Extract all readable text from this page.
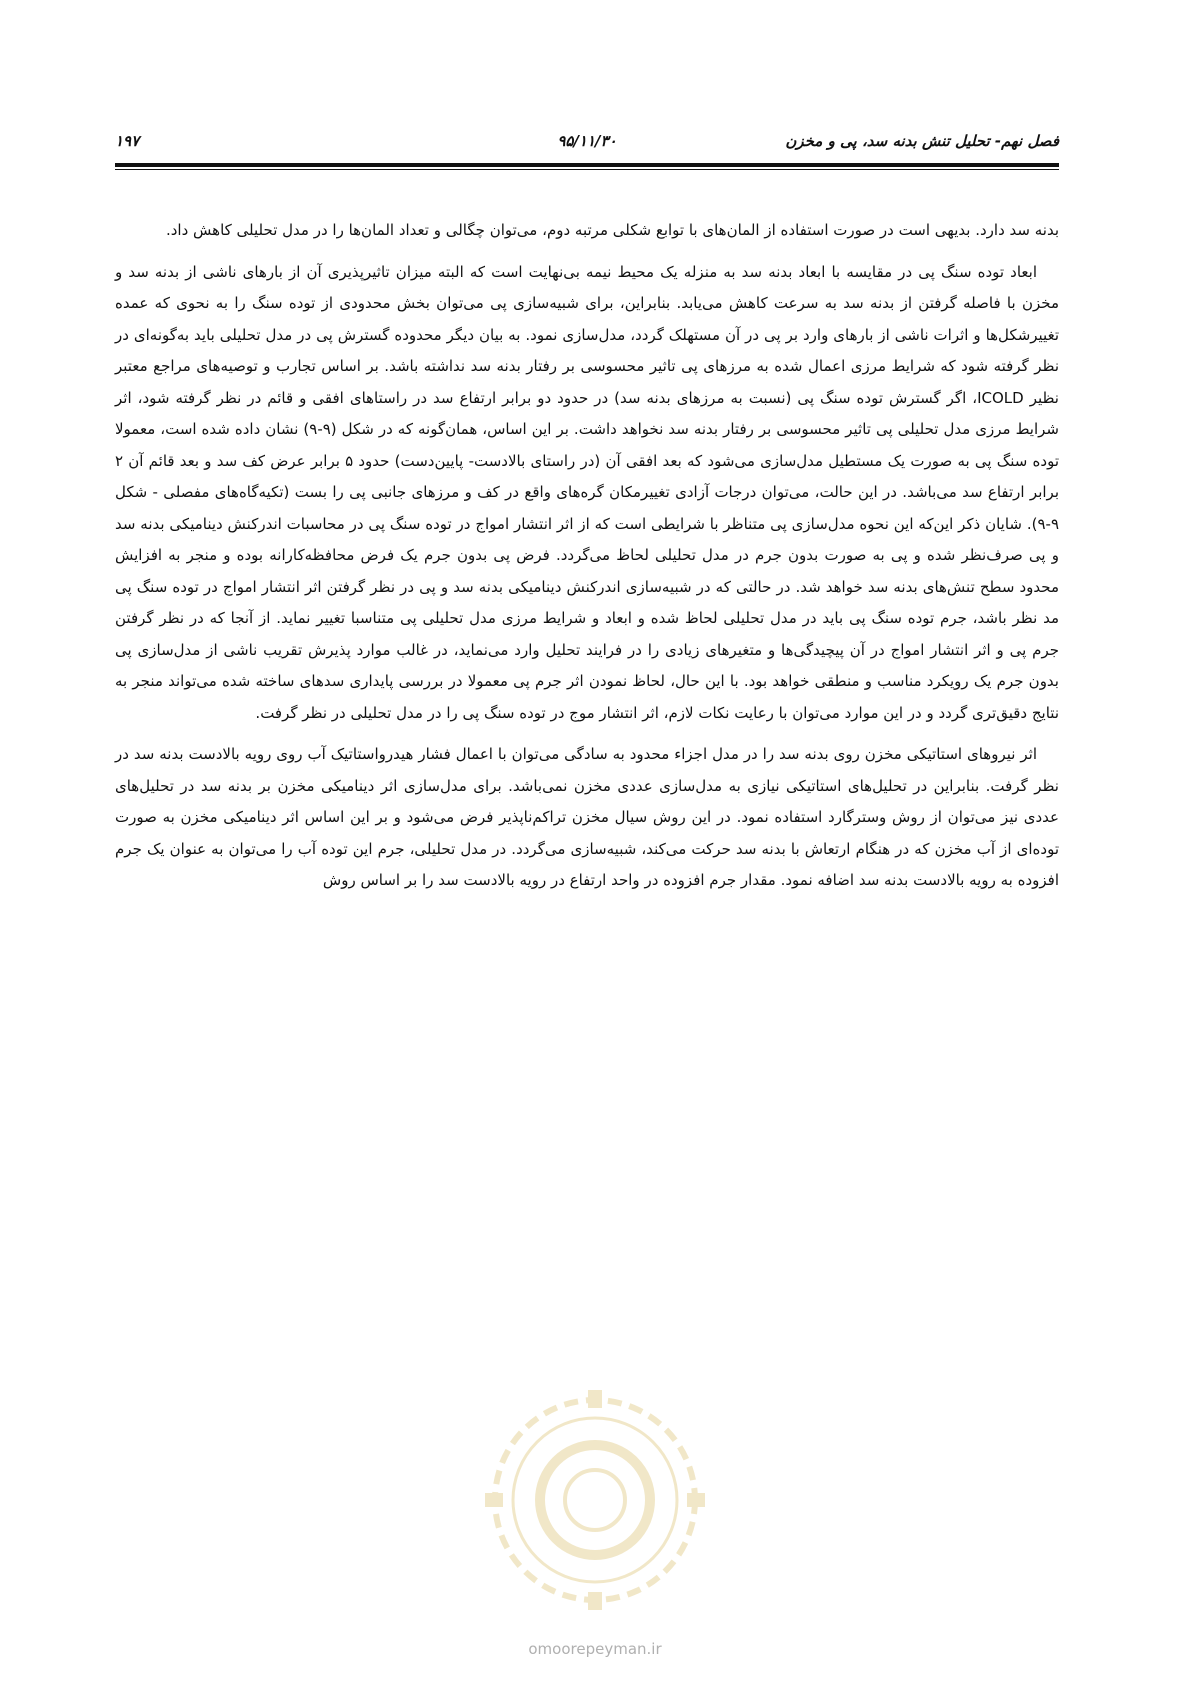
فصل نهم- تحلیل تنش بدنه سد، پی و مخزن
۹۵/۱۱/۳۰
۱۹۷

بدنه سد دارد. بدیهی است در صورت استفاده از المان‌های با توابع شکلی مرتبه دوم، می‌توان چگالی و تعداد المان‌ها را در مدل تحلیلی کاهش داد.

ابعاد توده سنگ پی در مقایسه با ابعاد بدنه سد به منزله یک محیط نیمه بی‌نهایت است که البته میزان تاثیرپذیری آن از بارهای ناشی از بدنه سد و مخزن با فاصله گرفتن از بدنه سد به سرعت کاهش می‌یابد. بنابراین، برای شبیه‌سازی پی می‌توان بخش محدودی از توده سنگ را به نحوی که عمده تغییرشکل‌ها و اثرات ناشی از بارهای وارد بر پی در آن مستهلک گردد، مدل‌سازی نمود. به بیان دیگر محدوده گسترش پی در مدل تحلیلی باید به‌گونه‌ای در نظر گرفته شود که شرایط مرزی اعمال شده به مرزهای پی تاثیر محسوسی بر رفتار بدنه سد نداشته باشد. بر اساس تجارب و توصیه‌های مراجع معتبر نظیر ICOLD، اگر گسترش توده سنگ پی (نسبت به مرزهای بدنه سد) در حدود دو برابر ارتفاع سد در راستاهای افقی و قائم در نظر گرفته شود، اثر شرایط مرزی مدل تحلیلی پی تاثیر محسوسی بر رفتار بدنه سد نخواهد داشت. بر این اساس، همان‌گونه که در شکل (۹-۹) نشان داده شده است، معمولا توده سنگ پی به صورت یک مستطیل مدل‌سازی می‌شود که بعد افقی آن (در راستای بالادست- پایین‌دست) حدود ۵ برابر عرض کف سد و بعد قائم آن ۲ برابر ارتفاع سد می‌باشد. در این حالت، می‌توان درجات آزادی تغییرمکان گره‌های واقع در کف و مرزهای جانبی پی را بست (تکیه‌گاه‌های مفصلی - شکل ۹-۹). شایان ذکر این‌که این نحوه مدل‌سازی پی متناظر با شرایطی است که از اثر انتشار امواج در توده سنگ پی در محاسبات اندرکنش دینامیکی بدنه سد و پی صرف‌نظر شده و پی به صورت بدون جرم در مدل تحلیلی لحاظ می‌گردد. فرض پی بدون جرم یک فرض محافظه‌کارانه بوده و منجر به افزایش محدود سطح تنش‌های بدنه سد خواهد شد. در حالتی که در شبیه‌سازی اندرکنش دینامیکی بدنه سد و پی در نظر گرفتن اثر انتشار امواج در توده سنگ پی مد نظر باشد، جرم توده سنگ پی باید در مدل تحلیلی لحاظ شده و ابعاد و شرایط مرزی مدل تحلیلی پی متناسبا تغییر نماید. از آنجا که در نظر گرفتن جرم پی و اثر انتشار امواج در آن پیچیدگی‌ها و متغیرهای زیادی را در فرایند تحلیل وارد می‌نماید، در غالب موارد پذیرش تقریب ناشی از مدل‌سازی پی بدون جرم یک رویکرد مناسب و منطقی خواهد بود. با این حال، لحاظ نمودن اثر جرم پی معمولا در بررسی پایداری سدهای ساخته شده می‌تواند منجر به نتایج دقیق‌تری گردد و در این موارد می‌توان با رعایت نکات لازم، اثر انتشار موج در توده سنگ پی را در مدل تحلیلی در نظر گرفت.

اثر نیروهای استاتیکی مخزن روی بدنه سد را در مدل اجزاء محدود به سادگی می‌توان با اعمال فشار هیدرواستاتیک آب روی رویه بالادست بدنه سد در نظر گرفت. بنابراین در تحلیل‌های استاتیکی نیازی به مدل‌سازی عددی مخزن نمی‌باشد. برای مدل‌سازی اثر دینامیکی مخزن بر بدنه سد در تحلیل‌های عددی نیز می‌توان از روش وسترگارد استفاده نمود. در این روش سیال مخزن تراکم‌ناپذیر فرض می‌شود و بر این اساس اثر دینامیکی مخزن به صورت توده‌ای از آب مخزن که در هنگام ارتعاش با بدنه سد حرکت می‌کند، شبیه‌سازی می‌گردد. در مدل تحلیلی، جرم این توده آب را می‌توان به عنوان یک جرم افزوده به رویه بالادست بدنه سد اضافه نمود. مقدار جرم افزوده در واحد ارتفاع در رویه بالادست سد را بر اساس روش

omoorepeyman.ir
